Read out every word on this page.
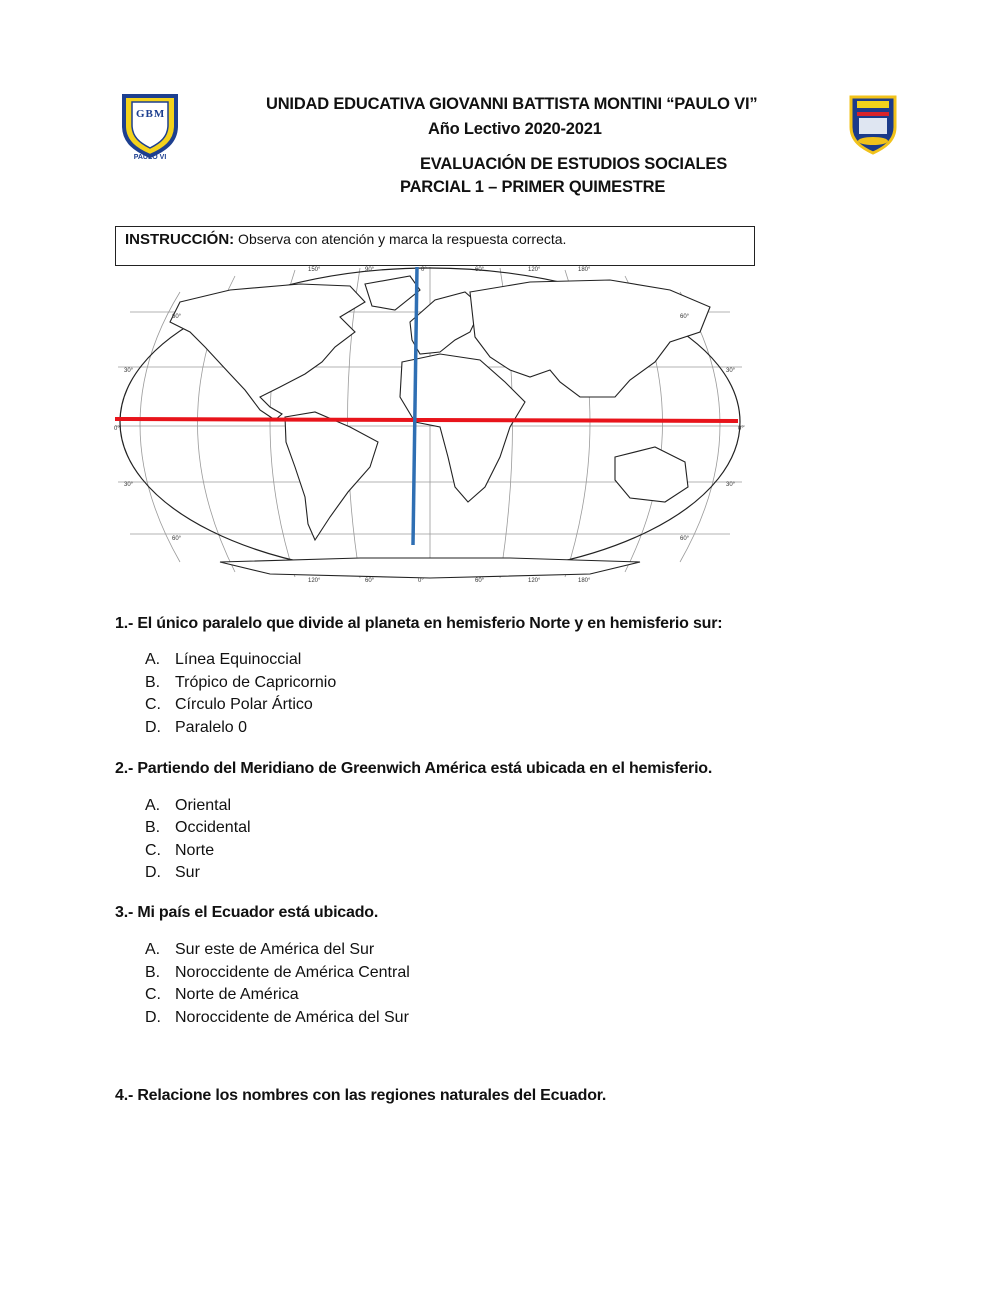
GBM
PAULO VI
UNIDAD EDUCATIVA GIOVANNI BATTISTA MONTINI “PAULO VI”
Año Lectivo 2020-2021
EVALUACIÓN DE ESTUDIOS SOCIALES
PARCIAL 1 – PRIMER QUIMESTRE
INSTRUCCIÓN: Observa con atención y marca la respuesta correcta.
150°	90°	0°	60°	120°	180°
120°	60°	0°	60°	120°	180°
60°
30°
0°
30°
60°
60°
30°
0°
30°
60°
1.- El único paralelo que divide al planeta en hemisferio Norte y en hemisferio sur:
A. Línea Equinoccial
B. Trópico de Capricornio
C. Círculo Polar Ártico
D. Paralelo 0
2.- Partiendo del Meridiano de Greenwich América está ubicada en el hemisferio.
A. Oriental
B. Occidental
C. Norte
D. Sur
3.- Mi país el Ecuador está ubicado.
A. Sur este de América del Sur
B. Noroccidente de América Central
C. Norte de América
D. Noroccidente de América del Sur
4.- Relacione los nombres con las regiones naturales del Ecuador.
